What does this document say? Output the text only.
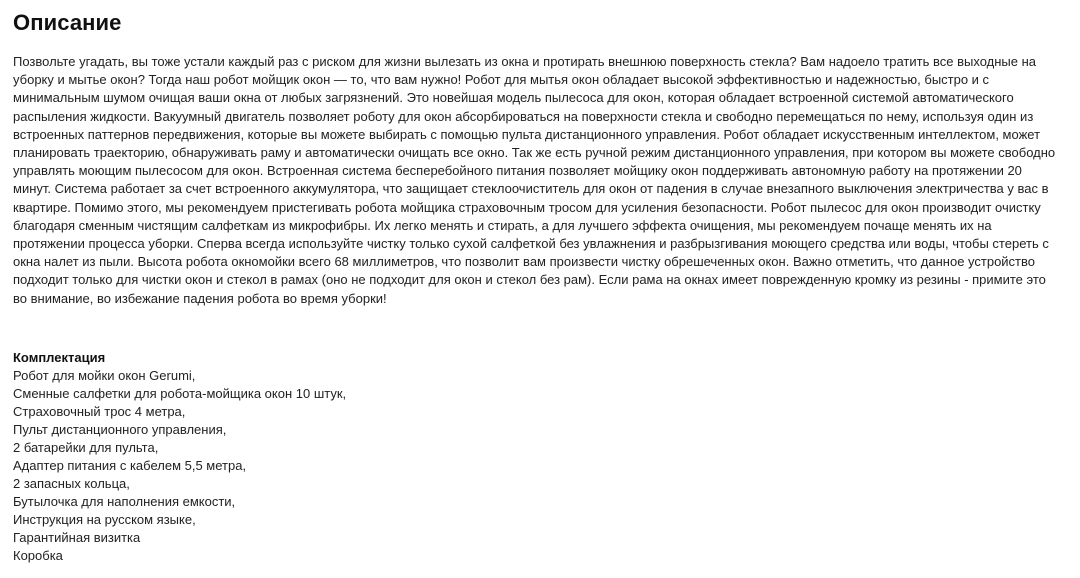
Описание

Позвольте угадать, вы тоже устали каждый раз с риском для жизни вылезать из окна и протирать внешнюю поверхность стекла? Вам надоело тратить все выходные на уборку и мытье окон? Тогда наш робот мойщик окон — то, что вам нужно! Робот для мытья окон обладает высокой эффективностью и надежностью, быстро и с минимальным шумом очищая ваши окна от любых загрязнений. Это новейшая модель пылесоса для окон, которая обладает встроенной системой автоматического распыления жидкости. Вакуумный двигатель позволяет роботу для окон абсорбироваться на поверхности стекла и свободно перемещаться по нему, используя один из встроенных паттернов передвижения, которые вы можете выбирать с помощью пульта дистанционного управления. Робот обладает искусственным интеллектом, может планировать траекторию, обнаруживать раму и автоматически очищать все окно. Так же есть ручной режим дистанционного управления, при котором вы можете свободно управлять моющим пылесосом для окон. Встроенная система бесперебойного питания позволяет мойщику окон поддерживать автономную работу на протяжении 20 минут. Система работает за счет встроенного аккумулятора, что защищает стеклоочиститель для окон от падения в случае внезапного выключения электричества у вас в квартире. Помимо этого, мы рекомендуем пристегивать робота мойщика страховочным тросом для усиления безопасности. Робот пылесос для окон производит очистку благодаря сменным чистящим салфеткам из микрофибры. Их легко менять и стирать, а для лучшего эффекта очищения, мы рекомендуем почаще менять их на протяжении процесса уборки. Сперва всегда используйте чистку только сухой салфеткой без увлажнения и разбрызгивания моющего средства или воды, чтобы стереть с окна налет из пыли. Высота робота окномойки всего 68 миллиметров, что позволит вам произвести чистку обрешеченных окон. Важно отметить, что данное устройство подходит только для чистки окон и стекол в рамах (оно не подходит для окон и стекол без рам). Если рама на окнах имеет поврежденную кромку из резины - примите это во внимание, во избежание падения робота во время уборки!

Комплектация
Робот для мойки окон Gerumi,
Сменные салфетки для робота-мойщика окон 10 штук,
Страховочный трос 4 метра,
Пульт дистанционного управления,
2 батарейки для пульта,
Адаптер питания с кабелем 5,5 метра,
2 запасных кольца,
Бутылочка для наполнения емкости,
Инструкция на русском языке,
Гарантийная визитка
Коробка
